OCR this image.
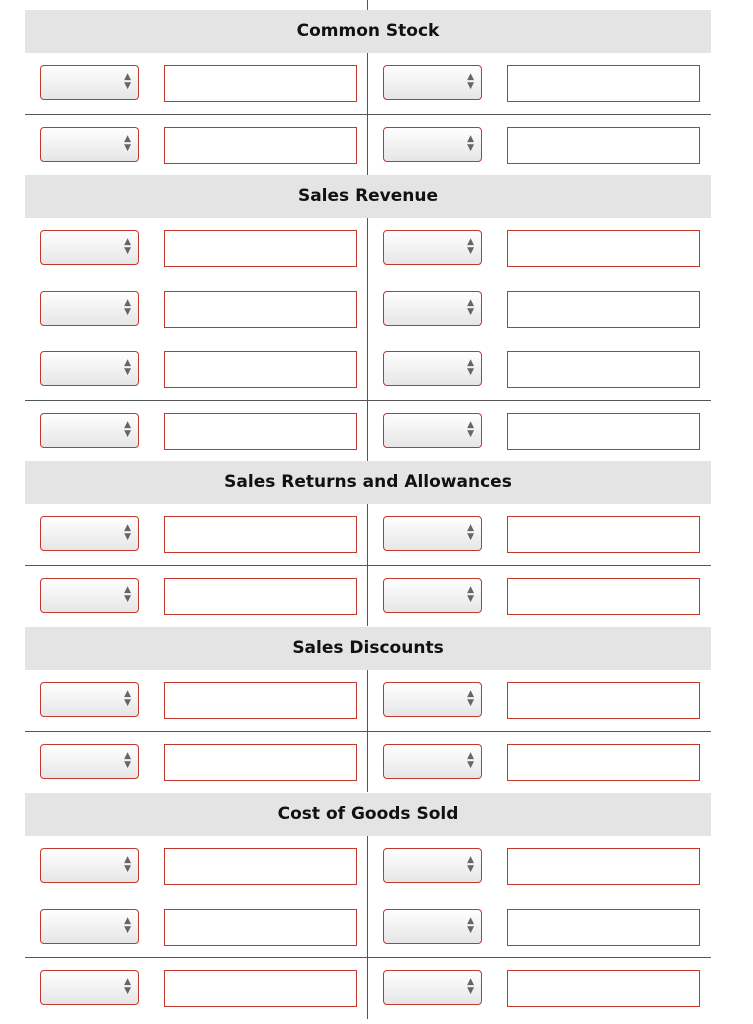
Common Stock
▲
▼
▲
▼
▲
▼
▲
▼
Sales Revenue
▲
▼
▲
▼
▲
▼
▲
▼
▲
▼
▲
▼
▲
▼
▲
▼
Sales Returns and Allowances
▲
▼
▲
▼
▲
▼
▲
▼
Sales Discounts
▲
▼
▲
▼
▲
▼
▲
▼
Cost of Goods Sold
▲
▼
▲
▼
▲
▼
▲
▼
▲
▼
▲
▼
